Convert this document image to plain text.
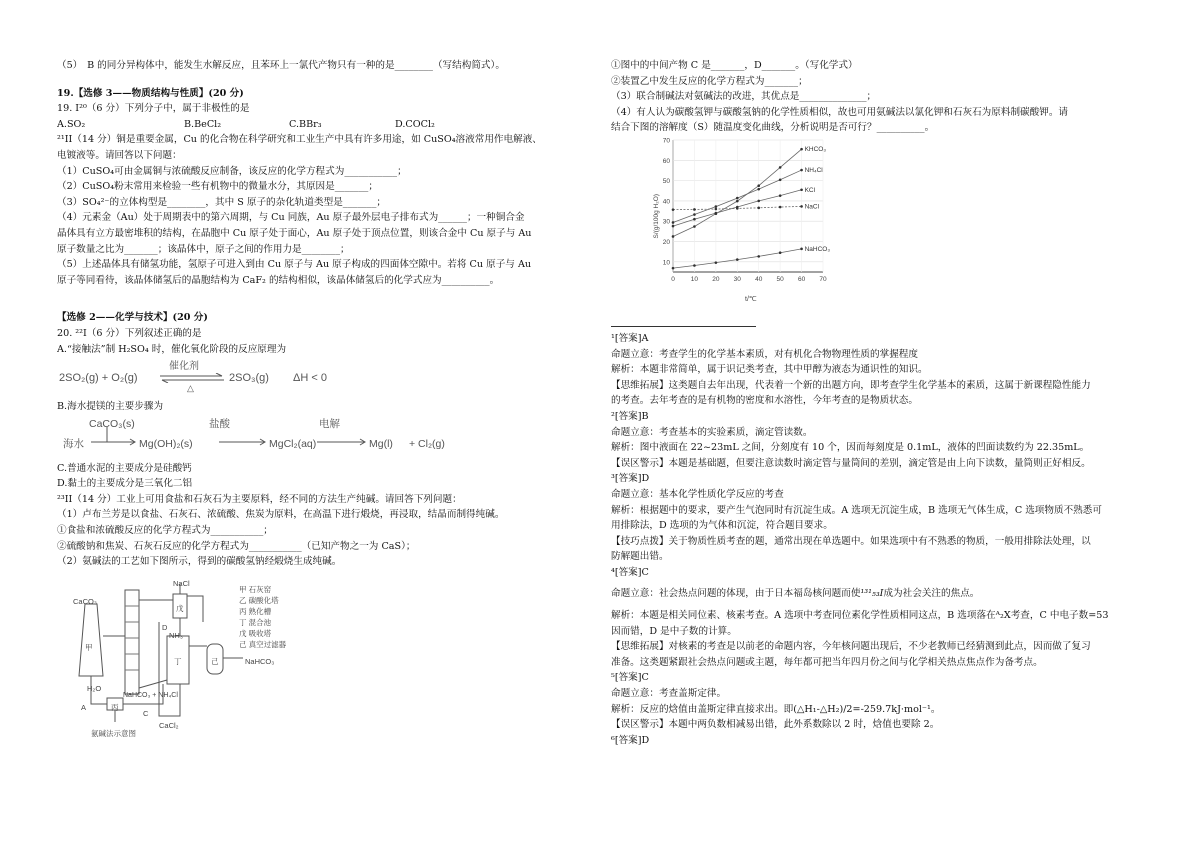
（5）　B 的同分异构体中，能发生水解反应，且苯环上一氯代产物只有一种的是________（写结构简式）。
19.【选修 3——物质结构与性质】(20 分)
19. I²⁰（6 分）下列分子中，属于非极性的是
A.SO₂	B.BeCl₂	C.BBr₃	D.COCl₂
²¹II（14 分）铜是重要金属，Cu 的化合物在科学研究和工业生产中具有许多用途，如 CuSO₄溶液常用作电解液、
电镀液等。请回答以下问题：
（1）CuSO₄可由金属铜与浓硫酸反应制备，该反应的化学方程式为___________；
（2）CuSO₄粉末常用来检验一些有机物中的微量水分，其原因是_______；
（3）SO₄²⁻的立体构型是________，其中 S 原子的杂化轨道类型是_______；
（4）元素金（Au）处于周期表中的第六周期，与 Cu 同族，Au 原子最外层电子排布式为______；一种铜合金
晶体具有立方最密堆积的结构，在晶胞中 Cu 原子处于面心，Au 原子处于顶点位置，则该合金中 Cu 原子与 Au
原子数量之比为_______；该晶体中，原子之间的作用力是________；
（5）上述晶体具有储氢功能，氢原子可进入到由 Cu 原子与 Au 原子构成的四面体空隙中。若将 Cu 原子与 Au
原子等同看待，该晶体储氢后的晶胞结构为 CaF₂ 的结构相似，该晶体储氢后的化学式应为__________。
【选修 2——化学与技术】(20 分)
20. ²²I（6 分）下列叙述正确的是
A.“接触法”制 H₂SO₄ 时，催化氧化阶段的反应原理为
2SO₂(g) + O₂(g)
催化剂
△
2SO₃(g) ΔH < 0
B.海水提镁的主要步骤为
CaCO₃(s)	盐酸	电解
海水	Mg(OH)₂(s)	MgCl₂(aq)	Mg(l) + Cl₂(g)
C.普通水泥的主要成分是硅酸钙
D.黏土的主要成分是三氧化二铝
²³II（14 分）工业上可用食盐和石灰石为主要原料，经不同的方法生产纯碱。请回答下列问题：
（1）卢布兰芳是以食盐、石灰石、浓硫酸、焦炭为原料，在高温下进行煅烧，再浸取，结晶而制得纯碱。
①食盐和浓硫酸反应的化学方程式为___________；
②硫酸钠和焦炭、石灰石反应的化学方程式为___________（已知产物之一为 CaS）；
（2）氨碱法的工艺如下图所示，得到的碳酸氢钠经煅烧生成纯碱。
CaCO₃
甲
NaCl
戊
D
NH₃
丁	己	NaHCO₃
NaHCO₃ + NH₄Cl
H₂O
A
C
丙
CaCl₂
氨碱法示意图
甲 石灰窑
乙 碳酸化塔
丙 熟化槽
丁 混合池
戊 吸收塔
己 真空过滤器
①图中的中间产物 C 是_______，D_______。（写化学式）
②装置乙中发生反应的化学方程式为_______；
（3）联合制碱法对氨碱法的改进，其优点是______________；
（4）有人认为碳酸氢钾与碳酸氢钠的化学性质相似，故也可用氨碱法以氯化钾和石灰石为原料制碳酸钾。请
结合下图的溶解度（S）随温度变化曲线，分析说明是否可行？__________。
10
20
30
40
50
60
70
0 10 20 30 40 50 60 70
KHCO₃
NH₄Cl
KCl
NaCl
NaHCO₃
S/(g/100g H₂O)
t/℃
¹[答案]A
命题立意：考查学生的化学基本素质，对有机化合物物理性质的掌握程度
解析：本题非常简单，属于识记类考查，其中甲醇为液态为通识性的知识。
【思维拓展】这类题自去年出现，代表着一个新的出题方向，即考查学生化学基本的素质，这属于新课程隐性能力
的考查。去年考查的是有机物的密度和水溶性，今年考查的是物质状态。
²[答案]B
命题立意：考查基本的实验素质，滴定管读数。
解析：图中液面在 22~23mL 之间，分刻度有 10 个，因而每刻度是 0.1mL，液体的凹面读数约为 22.35mL。
【误区警示】本题是基础题，但要注意读数时滴定管与量筒间的差别，滴定管是由上向下读数，量筒则正好相反。
³[答案]D
命题立意：基本化学性质化学反应的考查
解析：根据题中的要求，要产生气泡同时有沉淀生成。A 选项无沉淀生成，B 选项无气体生成，C 选项物质不熟悉可
用排除法，D 选项的为气体和沉淀，符合题目要求。
【技巧点拨】关于物质性质考查的题，通常出现在单选题中。如果选项中有不熟悉的物质，一般用排除法处理，以
防解题出错。
⁴[答案]C
命题立意：社会热点问题的体现，由于日本福岛核问题而使¹³¹₅₃I成为社会关注的焦点。
解析：本题是相关同位素、核素考查。A 选项中考查同位素化学性质相同这点，B 选项落在ᴬ₂X考查，C 中电子数=53
因而错，D 是中子数的计算。
【思维拓展】对核素的考查是以前老的命题内容，今年核问题出现后，不少老教师已经猜测到此点，因而做了复习
准备。这类题紧跟社会热点问题或主题，每年都可把当年四月份之间与化学相关热点焦点作为备考点。
⁵[答案]C
命题立意：考查盖斯定律。
解析：反应的焓值由盖斯定律直接求出。即(△H₁-△H₂)/2=-259.7kJ·mol⁻¹。
【误区警示】本题中两负数相减易出错，此外系数除以 2 时，焓值也要除 2。
⁶[答案]D
